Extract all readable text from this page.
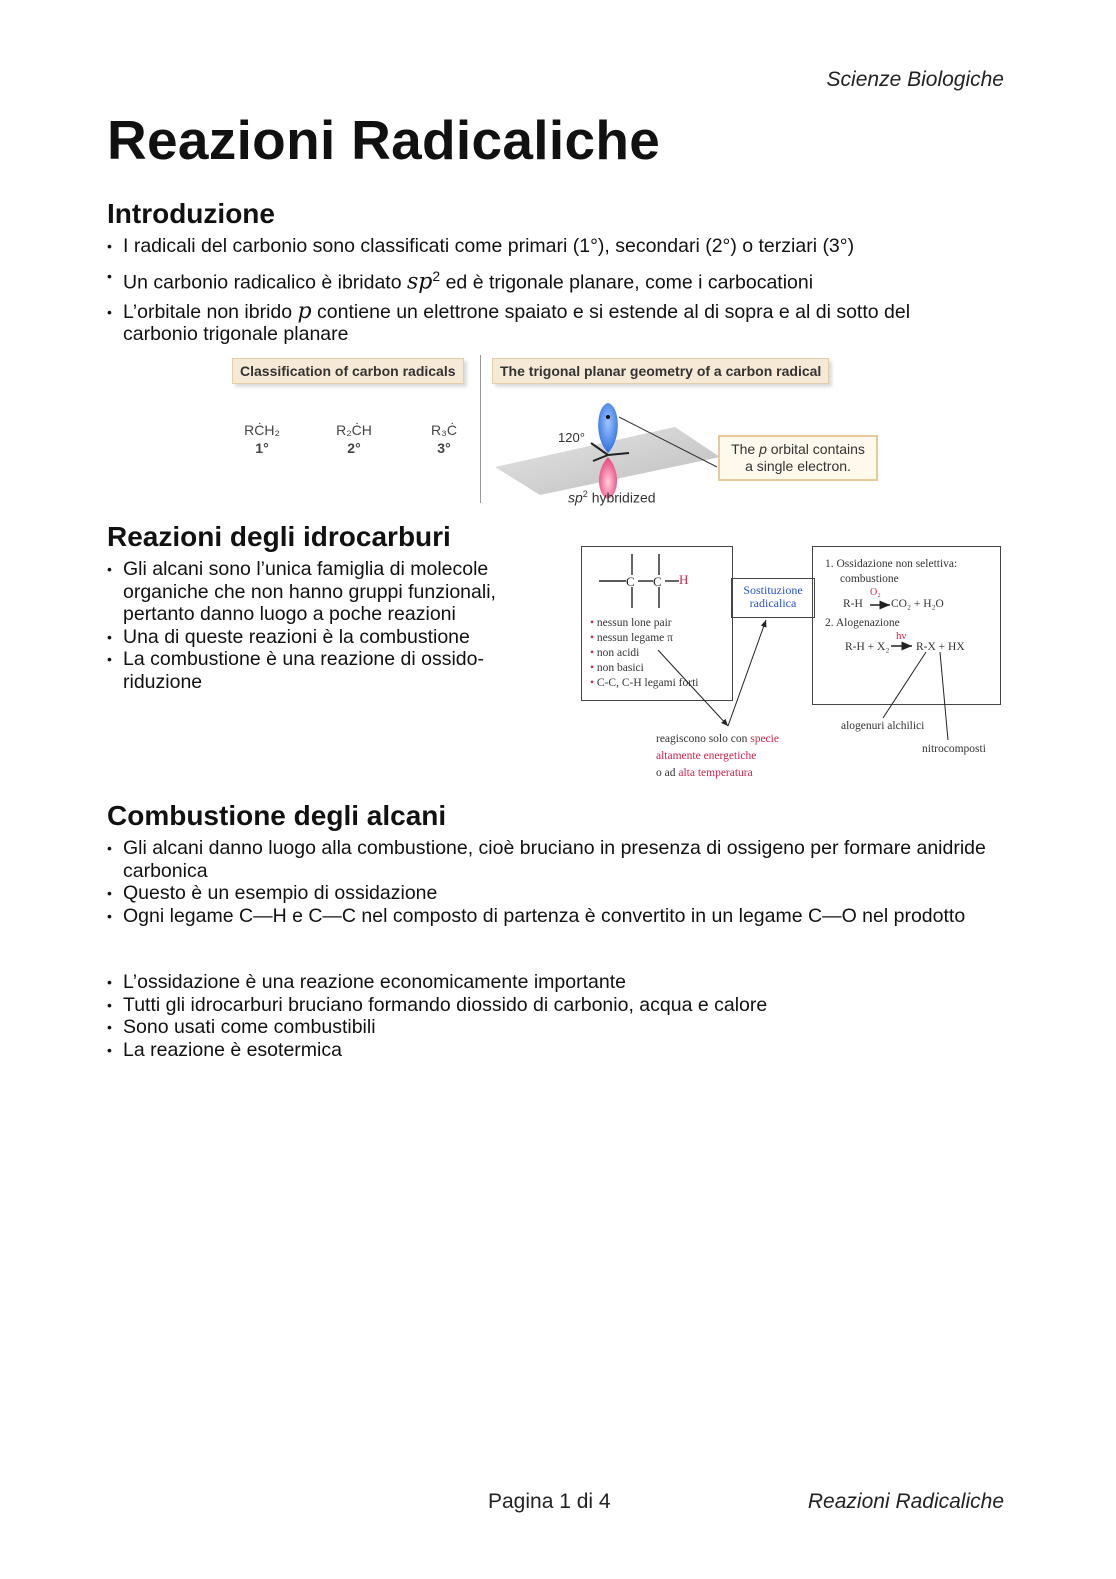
Scienze Biologiche
Reazioni Radicaliche
Introduzione
• I radicali del carbonio sono classificati come primari (1°), secondari (2°) o terziari (3°)
• Un carbonio radicalico è ibridato $sp^2$ ed è trigonale planare, come i carbocationi
• L’orbitale non ibrido p contiene un elettrone spaiato e si estende al di sopra e al di sotto del carbonio trigonale planare
Classification of carbon radicals	The trigonal planar geometry of a carbon radical
RĊH₂
1°
R₂ĊH
2°
R₃Ċ
3°
120°
The p orbital contains a single electron.
$sp^2$ hybridized
Reazioni degli idrocarburi
• Gli alcani sono l’unica famiglia di molecole organiche che non hanno gruppi funzionali, pertanto danno luogo a poche reazioni
• Una di queste reazioni è la combustione
• La combustione è una reazione di ossido-riduzione
C C H
• nessun lone pair
• nessun legame π
• non acidi
• non basici
• C-C, C-H legami forti
Sostituzione radicalica
1. Ossidazione non selettiva:
combustione
O₂
R-H CO₂ + H₂O
2. Alogenazione
hν
R-H + X₂ R-X + HX
alogenuri alchilici
nitrocomposti
reagiscono solo con specie
altamente energetiche
o ad alta temperatura
Combustione degli alcani
• Gli alcani danno luogo alla combustione, cioè bruciano in presenza di ossigeno per formare anidride carbonica
• Questo è un esempio di ossidazione
• Ogni legame C—H e C—C nel composto di partenza è convertito in un legame C—O nel prodotto
• L’ossidazione è una reazione economicamente importante
• Tutti gli idrocarburi bruciano formando diossido di carbonio, acqua e calore
• Sono usati come combustibili
• La reazione è esotermica
Pagina 1 di 4	Reazioni Radicaliche
